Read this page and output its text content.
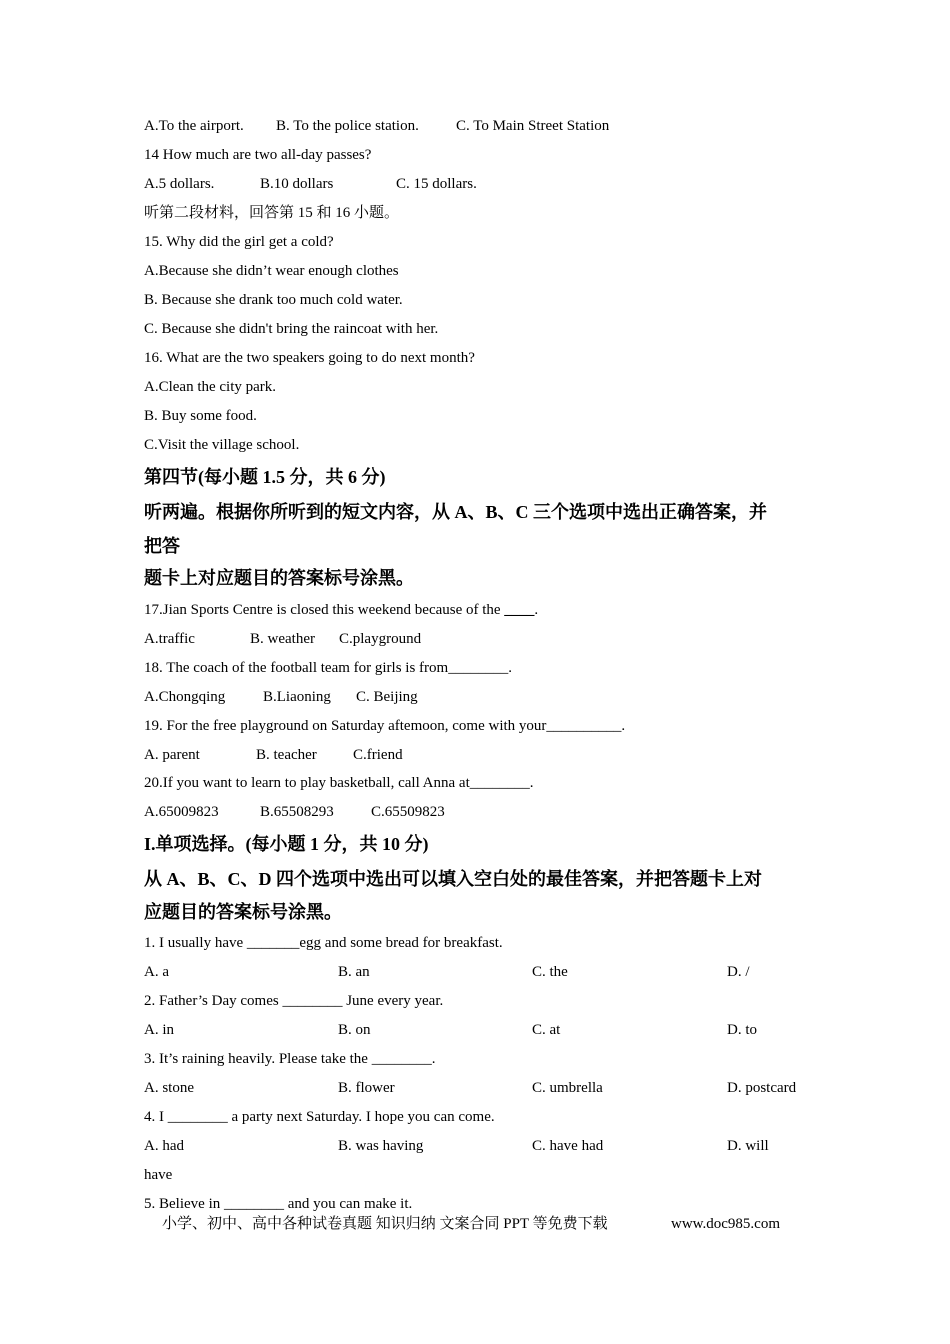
A.To the airport. B. To the police station. C. To Main Street Station
14 How much are two all-day passes?
A.5 dollars.	B.10 dollars	C. 15 dollars.
听第二段材料，回答第 15 和 16 小题。
15. Why did the girl get a cold?
A.Because she didn’t wear enough clothes
B. Because she drank too much cold water.
C. Because she didn't bring the raincoat with her.
16. What are the two speakers going to do next month?
A.Clean the city park.
B. Buy some food.
C.Visit the village school.
第四节(每小题 1.5 分，共 6 分)
听两遍。根据你所听到的短文内容，从 A、B、C 三个选项中选出正确答案，并
把答
题卡上对应题目的答案标号涂黑。
17.Jian Sports Centre is closed this weekend because of the ____.
A.traffic	B. weather C.playground
18. The coach of the football team for girls is from________.
A.Chongqing	B.Liaoning C. Beijing
19. For the free playground on Saturday aftemoon, come with your__________.
A. parent	B. teacher C.friend
20.If you want to learn to play basketball, call Anna at________.
A.65009823	B.65508293 C.65509823
I.单项选择。(每小题 1 分，共 10 分)
从 A、B、C、D 四个选项中选出可以填入空白处的最佳答案，并把答题卡上对
应题目的答案标号涂黑。
1. I usually have _______egg and some bread for breakfast.
A. a	B. an	C. the	D. /
2. Father’s Day comes ________ June every year.
A. in	B. on	C. at	D. to
3. It’s raining heavily. Please take the ________.
A. stone	B. flower	C. umbrella	D. postcard
4. I ________ a party next Saturday. I hope you can come.
A. had	B. was having	C. have had	D. will
have
5. Believe in ________ and you can make it.
小学、初中、高中各种试卷真题 知识归纳 文案合同 PPT 等免费下载	www.doc985.com
